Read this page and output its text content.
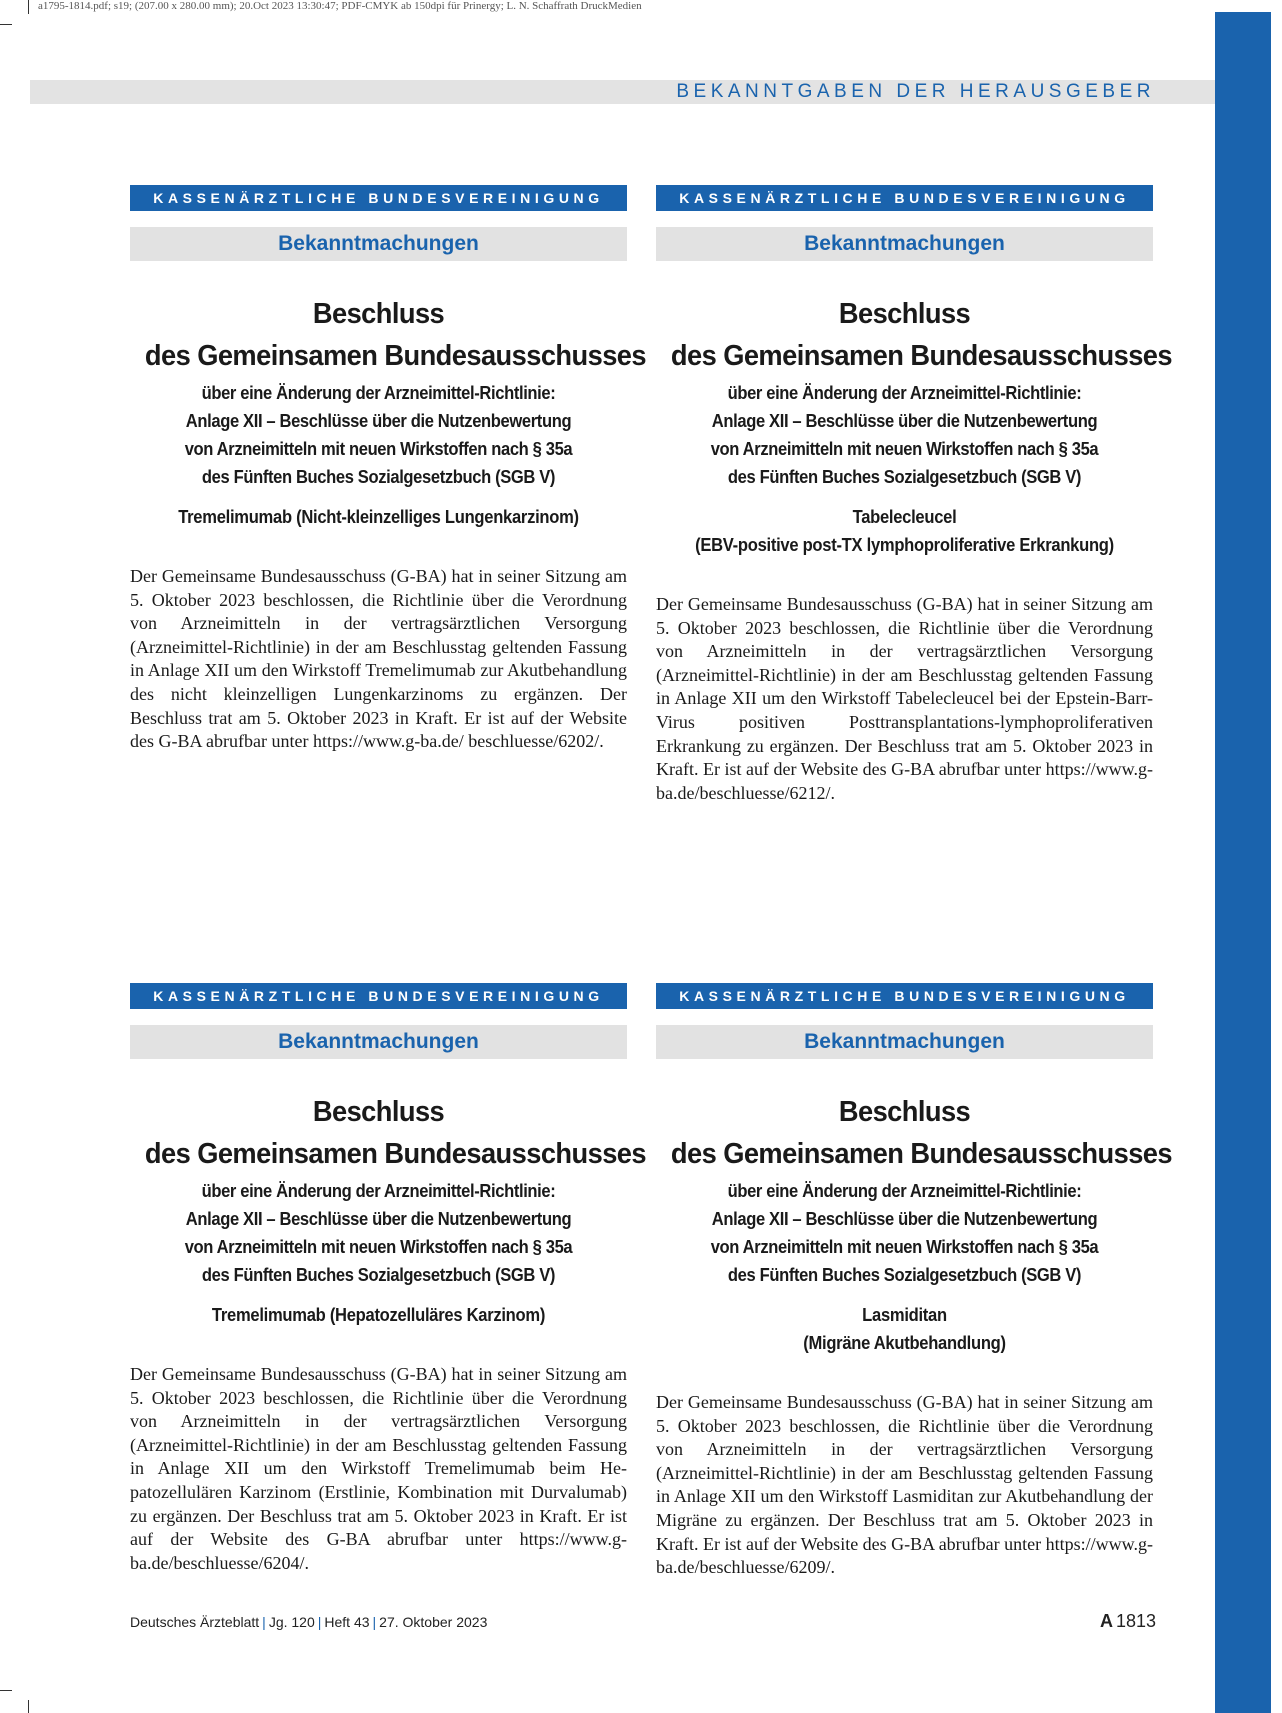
a1795-1814.pdf; s19; (207.00 x 280.00 mm); 20.Oct 2023 13:30:47; PDF-CMYK ab 150dpi für Prinergy; L. N. Schaffrath DruckMedien
BEKANNTGABEN DER HERAUSGEBER
KASSENÄRZTLICHE BUNDESVEREINIGUNG
Bekanntmachungen
Beschluss
des Gemeinsamen Bundesausschusses
über eine Änderung der Arzneimittel-Richtlinie:
Anlage XII – Beschlüsse über die Nutzenbewertung
von Arzneimitteln mit neuen Wirkstoffen nach § 35a
des Fünften Buches Sozialgesetzbuch (SGB V)
Tremelimumab (Nicht-kleinzelliges Lungenkarzinom)
Der Gemeinsame Bundesausschuss (G-BA) hat in seiner Sitzung am 5. Oktober 2023 beschlossen, die Richtlinie über die Verordnung von Arzneimitteln in der vertragsärztlichen Versorgung (Arzneimittel-Richtlinie) in der am Beschlusstag geltenden Fassung in Anlage XII um den Wirkstoff Tremelimumab zur Akutbehandlung des nicht kleinzelligen Lungenkarzinoms zu ergänzen. Der Beschluss trat am 5. Oktober 2023 in Kraft. Er ist auf der Website des G-BA abrufbar unter https://www.g-ba.de/ beschluesse/6202/.
KASSENÄRZTLICHE BUNDESVEREINIGUNG
Bekanntmachungen
Beschluss
des Gemeinsamen Bundesausschusses
über eine Änderung der Arzneimittel-Richtlinie:
Anlage XII – Beschlüsse über die Nutzenbewertung
von Arzneimitteln mit neuen Wirkstoffen nach § 35a
des Fünften Buches Sozialgesetzbuch (SGB V)
Tabelecleucel
(EBV-positive post-TX lymphoproliferative Erkrankung)
Der Gemeinsame Bundesausschuss (G-BA) hat in seiner Sitzung am 5. Oktober 2023 beschlossen, die Richtlinie über die Verordnung von Arzneimitteln in der vertragsärztlichen Versorgung (Arzneimittel-Richtlinie) in der am Beschlusstag geltenden Fassung in Anlage XII um den Wirkstoff Tabelecleucel bei der Epstein-Barr-Virus positiven Posttransplantations-lymphoproliferativen Erkrankung zu ergänzen. Der Beschluss trat am 5. Oktober 2023 in Kraft. Er ist auf der Website des G-BA abrufbar unter https://www.g-ba.de/beschluesse/6212/.
KASSENÄRZTLICHE BUNDESVEREINIGUNG
Bekanntmachungen
Beschluss
des Gemeinsamen Bundesausschusses
über eine Änderung der Arzneimittel-Richtlinie:
Anlage XII – Beschlüsse über die Nutzenbewertung
von Arzneimitteln mit neuen Wirkstoffen nach § 35a
des Fünften Buches Sozialgesetzbuch (SGB V)
Tremelimumab (Hepatozelluläres Karzinom)
Der Gemeinsame Bundesausschuss (G-BA) hat in seiner Sitzung am 5. Oktober 2023 beschlossen, die Richtlinie über die Verordnung von Arzneimitteln in der vertragsärztlichen Versorgung (Arzneimittel-Richtlinie) in der am Beschlusstag geltenden Fassung in Anlage XII um den Wirkstoff Tremelimumab beim Hepatozellulären Karzinom (Erstlinie, Kombination mit Durvalumab) zu ergänzen. Der Beschluss trat am 5. Oktober 2023 in Kraft. Er ist auf der Website des G-BA abrufbar unter https://www.g-ba.de/beschluesse/6204/.
KASSENÄRZTLICHE BUNDESVEREINIGUNG
Bekanntmachungen
Beschluss
des Gemeinsamen Bundesausschusses
über eine Änderung der Arzneimittel-Richtlinie:
Anlage XII – Beschlüsse über die Nutzenbewertung
von Arzneimitteln mit neuen Wirkstoffen nach § 35a
des Fünften Buches Sozialgesetzbuch (SGB V)
Lasmiditan
(Migräne Akutbehandlung)
Der Gemeinsame Bundesausschuss (G-BA) hat in seiner Sitzung am 5. Oktober 2023 beschlossen, die Richtlinie über die Verordnung von Arzneimitteln in der vertragsärztlichen Versorgung (Arzneimittel-Richtlinie) in der am Beschlusstag geltenden Fassung in Anlage XII um den Wirkstoff Lasmiditan zur Akutbehandlung der Migräne zu ergänzen. Der Beschluss trat am 5. Oktober 2023 in Kraft. Er ist auf der Website des G-BA abrufbar unter https://www.g-ba.de/beschluesse/6209/.
Deutsches Ärzteblatt | Jg. 120 | Heft 43 | 27. Oktober 2023	A 1813
